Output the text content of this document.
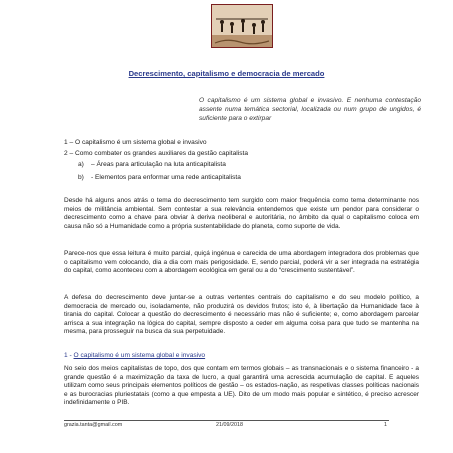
Decrescimento, capitalismo e democracia de mercado
O capitalismo é um sistema global e invasivo. E nenhuma contestação assente numa temática sectorial, localizada ou num grupo de ungidos, é suficiente para o extirpar
1 – O capitalismo é um sistema global e invasivo
2 – Como combater os grandes auxiliares da gestão capitalista
a) – Áreas para articulação na luta anticapitalista
b) - Elementos para enformar uma rede anticapitalista
Desde há alguns anos atrás o tema do decrescimento tem surgido com maior frequência como tema determinante nos meios de militância ambiental. Sem contestar a sua relevância entendemos que existe um pendor para considerar o decrescimento como a chave para obviar à deriva neoliberal e autoritária, no âmbito da qual o capitalismo coloca em causa não só a Humanidade como a própria sustentabilidade do planeta, como suporte de vida.
Parece-nos que essa leitura é muito parcial, quiçá ingénua e carecida de uma abordagem integradora dos problemas que o capitalismo vem colocando, dia a dia com mais perigosidade. E, sendo parcial, poderá vir a ser integrada na estratégia do capital, como aconteceu com a abordagem ecológica em geral ou a do “crescimento sustentável”.
A defesa do decrescimento deve juntar-se a outras vertentes centrais do capitalismo e do seu modelo político, a democracia de mercado ou, isoladamente, não produzirá os devidos frutos; isto é, à libertação da Humanidade face à tirania do capital. Colocar a questão do decrescimento é necessário mas não é suficiente; e, como abordagem parcelar arrisca a sua integração na lógica do capital, sempre disposto a ceder em alguma coisa para que tudo se mantenha na mesma, para prosseguir na busca da sua perpetuidade.
1 - O capitalismo é um sistema global e invasivo
No seio dos meios capitalistas de topo, dos que contam em termos globais – as transnacionais e o sistema financeiro - a grande questão é a maximização da taxa de lucro, a qual garantirá uma acrescida acumulação de capital. E aqueles utilizam como seus principais elementos políticos de gestão – os estados-nação, as respetivas classes políticas nacionais e as burocracias pluriestatais (como a que empesta a UE). Dito de um modo mais popular e sintético, é preciso acrescer indefinidamente o PIB.
grazia.tanta@gmail.com	21/09/2018	1
